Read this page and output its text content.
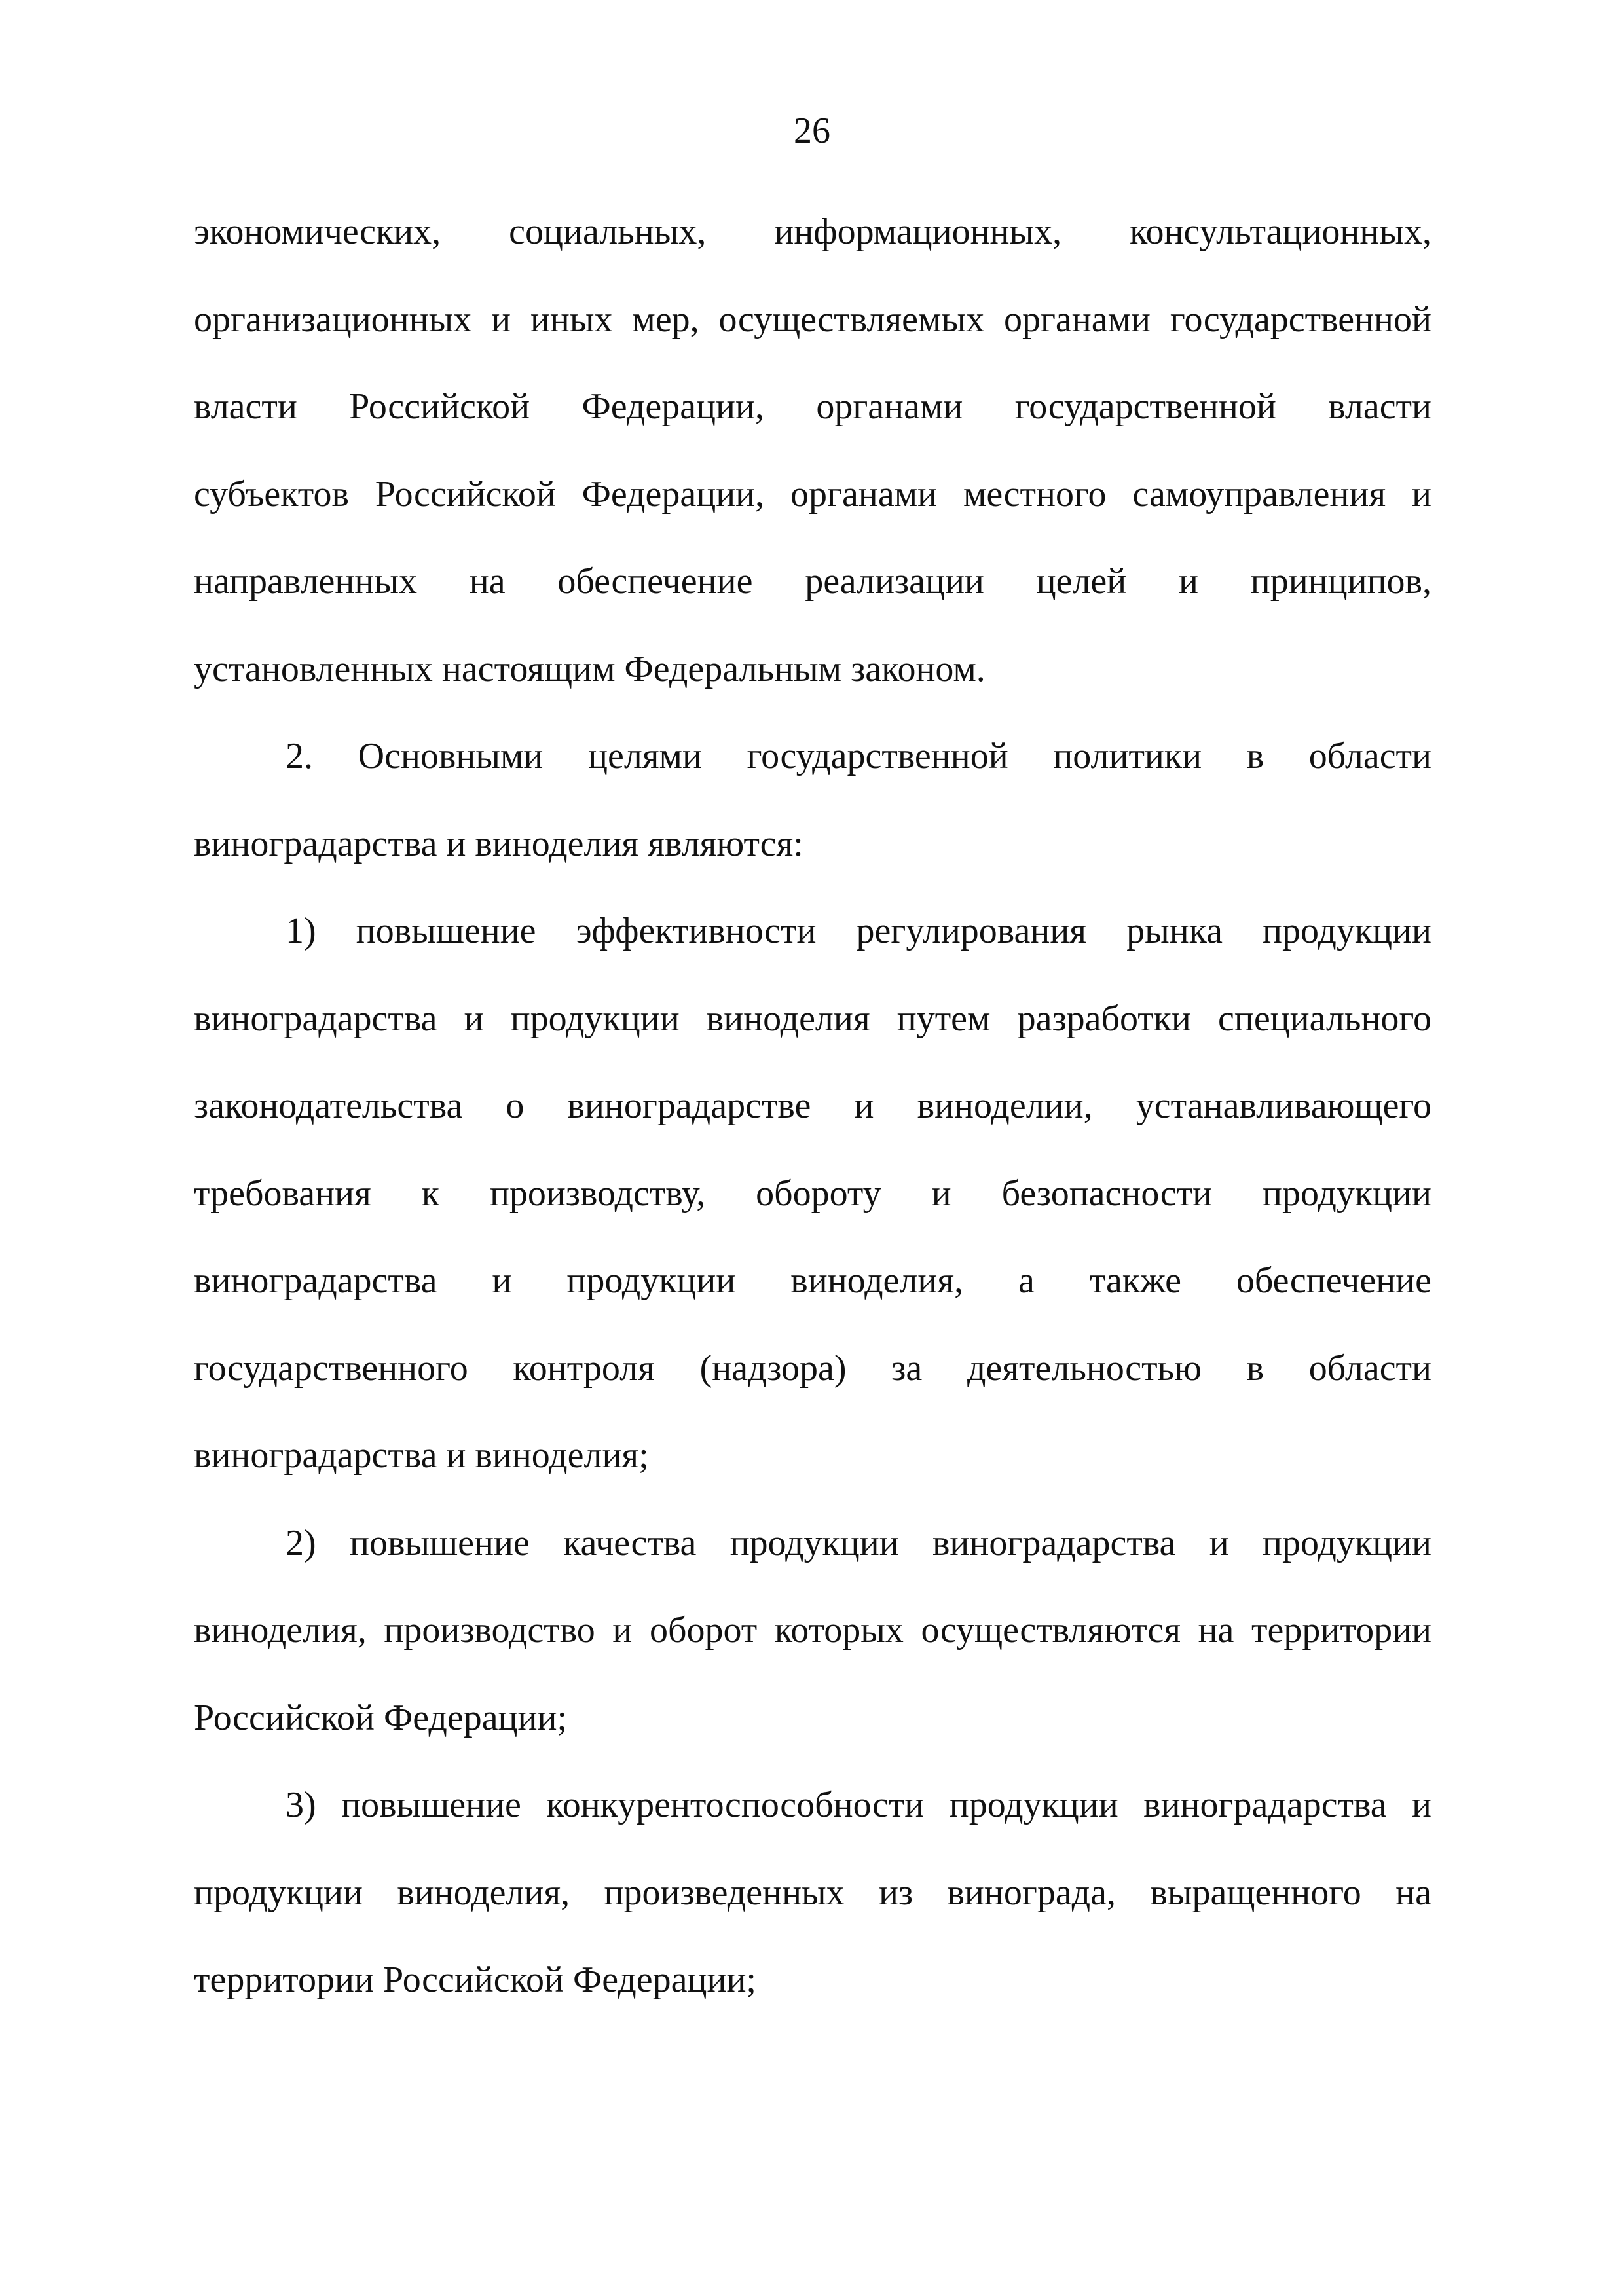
26
экономических, социальных, информационных, консультационных,
организационных и иных мер, осуществляемых органами государственной
власти Российской Федерации, органами государственной власти
субъектов Российской Федерации, органами местного самоуправления и
направленных на обеспечение реализации целей и принципов,
установленных настоящим Федеральным законом.
2. Основными целями государственной политики в области
виноградарства и виноделия являются:
1) повышение эффективности регулирования рынка продукции
виноградарства и продукции виноделия путем разработки специального
законодательства о виноградарстве и виноделии, устанавливающего
требования к производству, обороту и безопасности продукции
виноградарства и продукции виноделия, а также обеспечение
государственного контроля (надзора) за деятельностью в области
виноградарства и виноделия;
2) повышение качества продукции виноградарства и продукции
виноделия, производство и оборот которых осуществляются на территории
Российской Федерации;
3) повышение конкурентоспособности продукции виноградарства и
продукции виноделия, произведенных из винограда, выращенного на
территории Российской Федерации;
